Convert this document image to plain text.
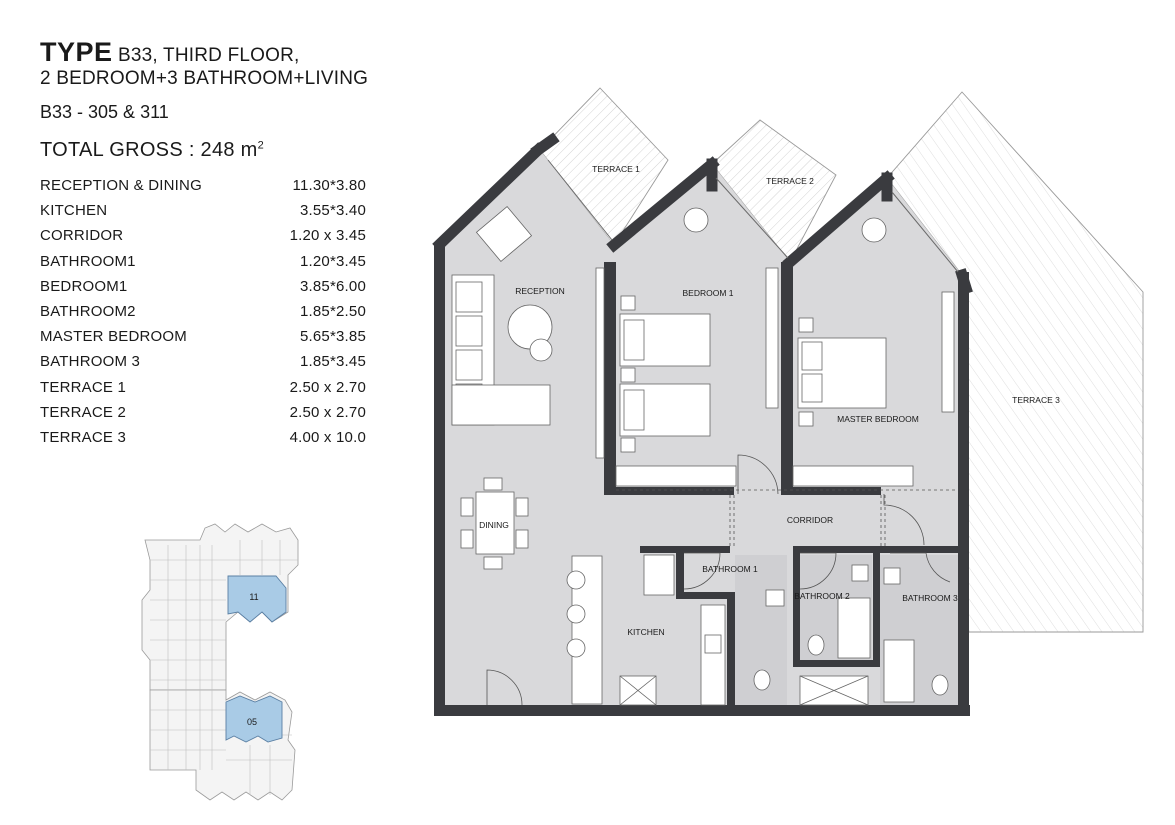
TYPE B33, THIRD FLOOR,
2 BEDROOM+3 BATHROOM+LIVING
B33 - 305 & 311
TOTAL GROSS : 248 $m^2$
RECEPTION & DINING	11.30*3.80
KITCHEN	3.55*3.40
CORRIDOR	1.20 x 3.45
BATHROOM1	1.20*3.45
BEDROOM1	3.85*6.00
BATHROOM2	1.85*2.50
MASTER BEDROOM	5.65*3.85
BATHROOM 3	1.85*3.45
TERRACE 1	2.50 x 2.70
TERRACE 2	2.50 x 2.70
TERRACE 3	4.00 x 10.0
11
05
TERRACE 1
TERRACE 2
TERRACE 3
RECEPTION	BEDROOM 1
MASTER BEDROOM
DINING	CORRIDOR
KITCHEN
BATHROOM 1
BATHROOM 2	BATHROOM 3
